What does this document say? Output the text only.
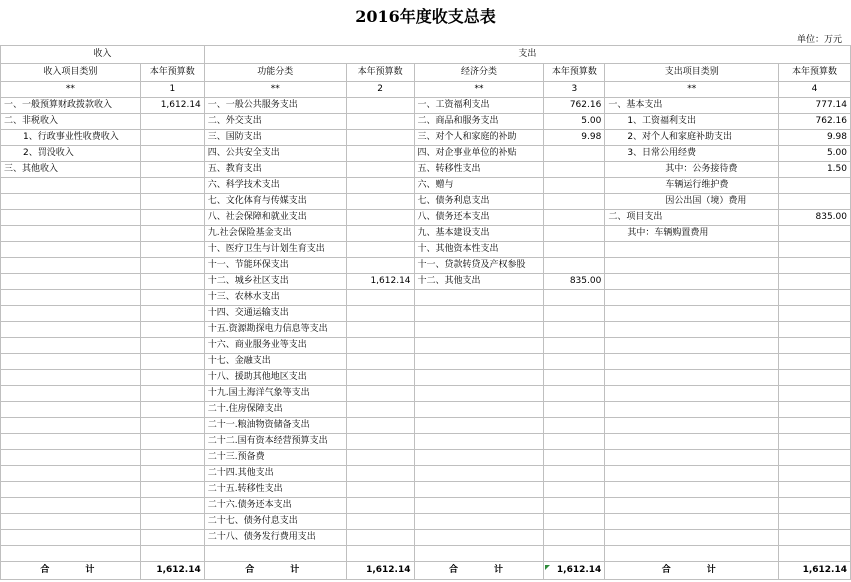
2016年度收支总表
单位：万元
收入		支出					
收入项目类别	本年预算数	功能分类	本年预算数	经济分类	本年预算数	支出项目类别	本年预算数
**	1	**	2	**	3	**	4
一、一般预算财政拨款收入	1,612.14	一、一般公共服务支出		一、工资福利支出	762.16	一、基本支出	777.14
二、非税收入		二、外交支出		二、商品和服务支出	5.00	1、工资福利支出	762.16
1、行政事业性收费收入		三、国防支出		三、对个人和家庭的补助	9.98	2、对个人和家庭补助支出	9.98
2、罚没收入		四、公共安全支出		四、对企事业单位的补贴		3、日常公用经费	5.00
三、其他收入		五、教育支出		五、转移性支出		其中：公务接待费	1.50
		六、科学技术支出		六、赠与		车辆运行维护费	
		七、文化体育与传媒支出		七、债务利息支出		因公出国（境）费用	
		八、社会保障和就业支出		八、债务还本支出		二、项目支出	835.00
		九.社会保险基金支出		九、基本建设支出		其中：车辆购置费用	
		十、医疗卫生与计划生育支出		十、其他资本性支出			
		十一、节能环保支出		十一、贷款转贷及产权参股			
		十二、城乡社区支出	1,612.14	十二、其他支出	835.00		
		十三、农林水支出					
		十四、交通运输支出					
		十五.资源勘探电力信息等支出					
		十六、商业服务业等支出					
		十七、金融支出					
		十八、援助其他地区支出					
		十九.国土海洋气象等支出					
		二十.住房保障支出					
		二十一.粮油物资储备支出					
		二十二.国有资本经营预算支出					
		二十三.预备费					
		二十四.其他支出					
		二十五.转移性支出					
		二十六.债务还本支出					
		二十七、债务付息支出					
		二十八、债务发行费用支出					

合　　计	1,612.14	合　　计	1,612.14	合　　计	1,612.14	合　　计	1,612.14
